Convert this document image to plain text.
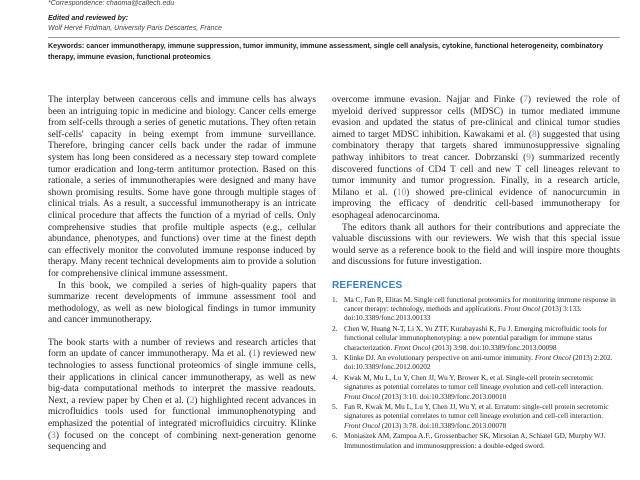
*Correspondence: chaoma@caltech.edu
Edited and reviewed by:
Wolf Hervé Fridman, University Paris Descartes, France
Keywords: cancer immunotherapy, immune suppression, tumor immunity, immune assessment, single cell analysis, cytokine, functional heterogeneity, combinatory therapy, immune evasion, functional proteomics

The interplay between cancerous cells and immune cells has always been an intriguing topic in medicine and biology. Cancer cells emerge from self-cells through a series of genetic mutations. They often retain self-cells' capacity in being exempt from immune surveillance. Therefore, bringing cancer cells back under the radar of immune system has long been considered as a necessary step toward complete tumor eradication and long-term antitumor protection. Based on this rationale, a series of immunotherapies were designed and many have shown promising results. Some have gone through multiple stages of clinical trials. As a result, a successful immunotherapy is an intricate clinical procedure that affects the function of a myriad of cells. Only comprehensive studies that profile multiple aspects (e.g., cellular abundance, phenotypes, and functions) over time at the finest depth can effectively monitor the convoluted immune response induced by therapy. Many recent technical developments aim to provide a solution for comprehensive clinical immune assessment.

In this book, we compiled a series of high-quality papers that summarize recent developments of immune assessment tool and methodology, as well as new biological findings in tumor immunity and cancer immunotherapy.

The book starts with a number of reviews and research articles that form an update of cancer immunotherapy. Ma et al. (1) reviewed new technologies to assess functional proteomics of single immune cells, their applications in clinical cancer immunotherapy, as well as new big-data computational methods to interpret the massive readouts. Next, a review paper by Chen et al. (2) highlighted recent advances in microfluidics tools used for functional immunophenotyping and emphasized the potential of integrated microfluidics circuitry. Klinke (3) focused on the concept of combining next-generation genome sequencing and

overcome immune evasion. Najjar and Finke (7) reviewed the role of myeloid derived suppressor cells (MDSC) in tumor mediated immune evasion and updated the status of pre-clinical and clinical tumor studies aimed to target MDSC inhibition. Kawakami et al. (8) suggested that using combinatory therapy that targets shared immunosuppressive signaling pathway inhibitors to treat cancer. Dobrzanski (9) summarized recently discovered functions of CD4 T cell and new T cell lineages relevant to tumor immunity and tumor progression. Finally, in a research article, Milano et al. (10) showed pre-clinical evidence of nanocurcumin in improving the efficacy of dendritic cell-based immunotherapy for esophageal adenocarcinoma.

The editors thank all authors for their contributions and appreciate the valuable discussions with our reviewers. We wish that this special issue would serve as a reference book to the field and will inspire more thoughts and discussions for future investigation.

REFERENCES
1. Ma C, Fan R, Elitas M. Single cell functional proteomics for monitoring immune response in cancer therapy: technology, methods and applications. Front Oncol (2013) 3:133. doi:10.3389/fonc.2013.00133
2. Chen W, Huang N-T, Li X, Yu ZTF, Kurabayashi K, Fu J. Emerging microfluidic tools for functional cellular immunophenotyping: a new potential paradigm for immune status characterization. Front Oncol (2013) 3:98. doi:10.3389/fonc.2013.00098
3. Klinke DJ. An evolutionary perspective on anti-tumor immunity. Front Oncol (2013) 2:202. doi:10.3389/fonc.2012.00202
4. Kwak M, Mu L, Lu Y, Chen JJ, Wu Y, Brower K, et al. Single-cell protein secretomic signatures as potential correlates to tumor cell lineage evolution and cell-cell interaction. Front Oncol (2013) 3:10. doi:10.3389/fonc.2013.00010
5. Fan R, Kwak M, Mu L, Lu Y, Chen JJ, Wu Y, et al. Erratum: single-cell protein secretomic signatures as potential correlates to tumor cell lineage evolution and cell-cell interaction. Front Oncol (2013) 3:78. doi:10.3389/fonc.2013.00078
6. Moniaszek AM, Zampoa A.F., Grossenbacher SK, Mirsoian A, Schiatel GD, Murphy WJ. Immunostimulation and immunosuppression: a double-edged sword.
